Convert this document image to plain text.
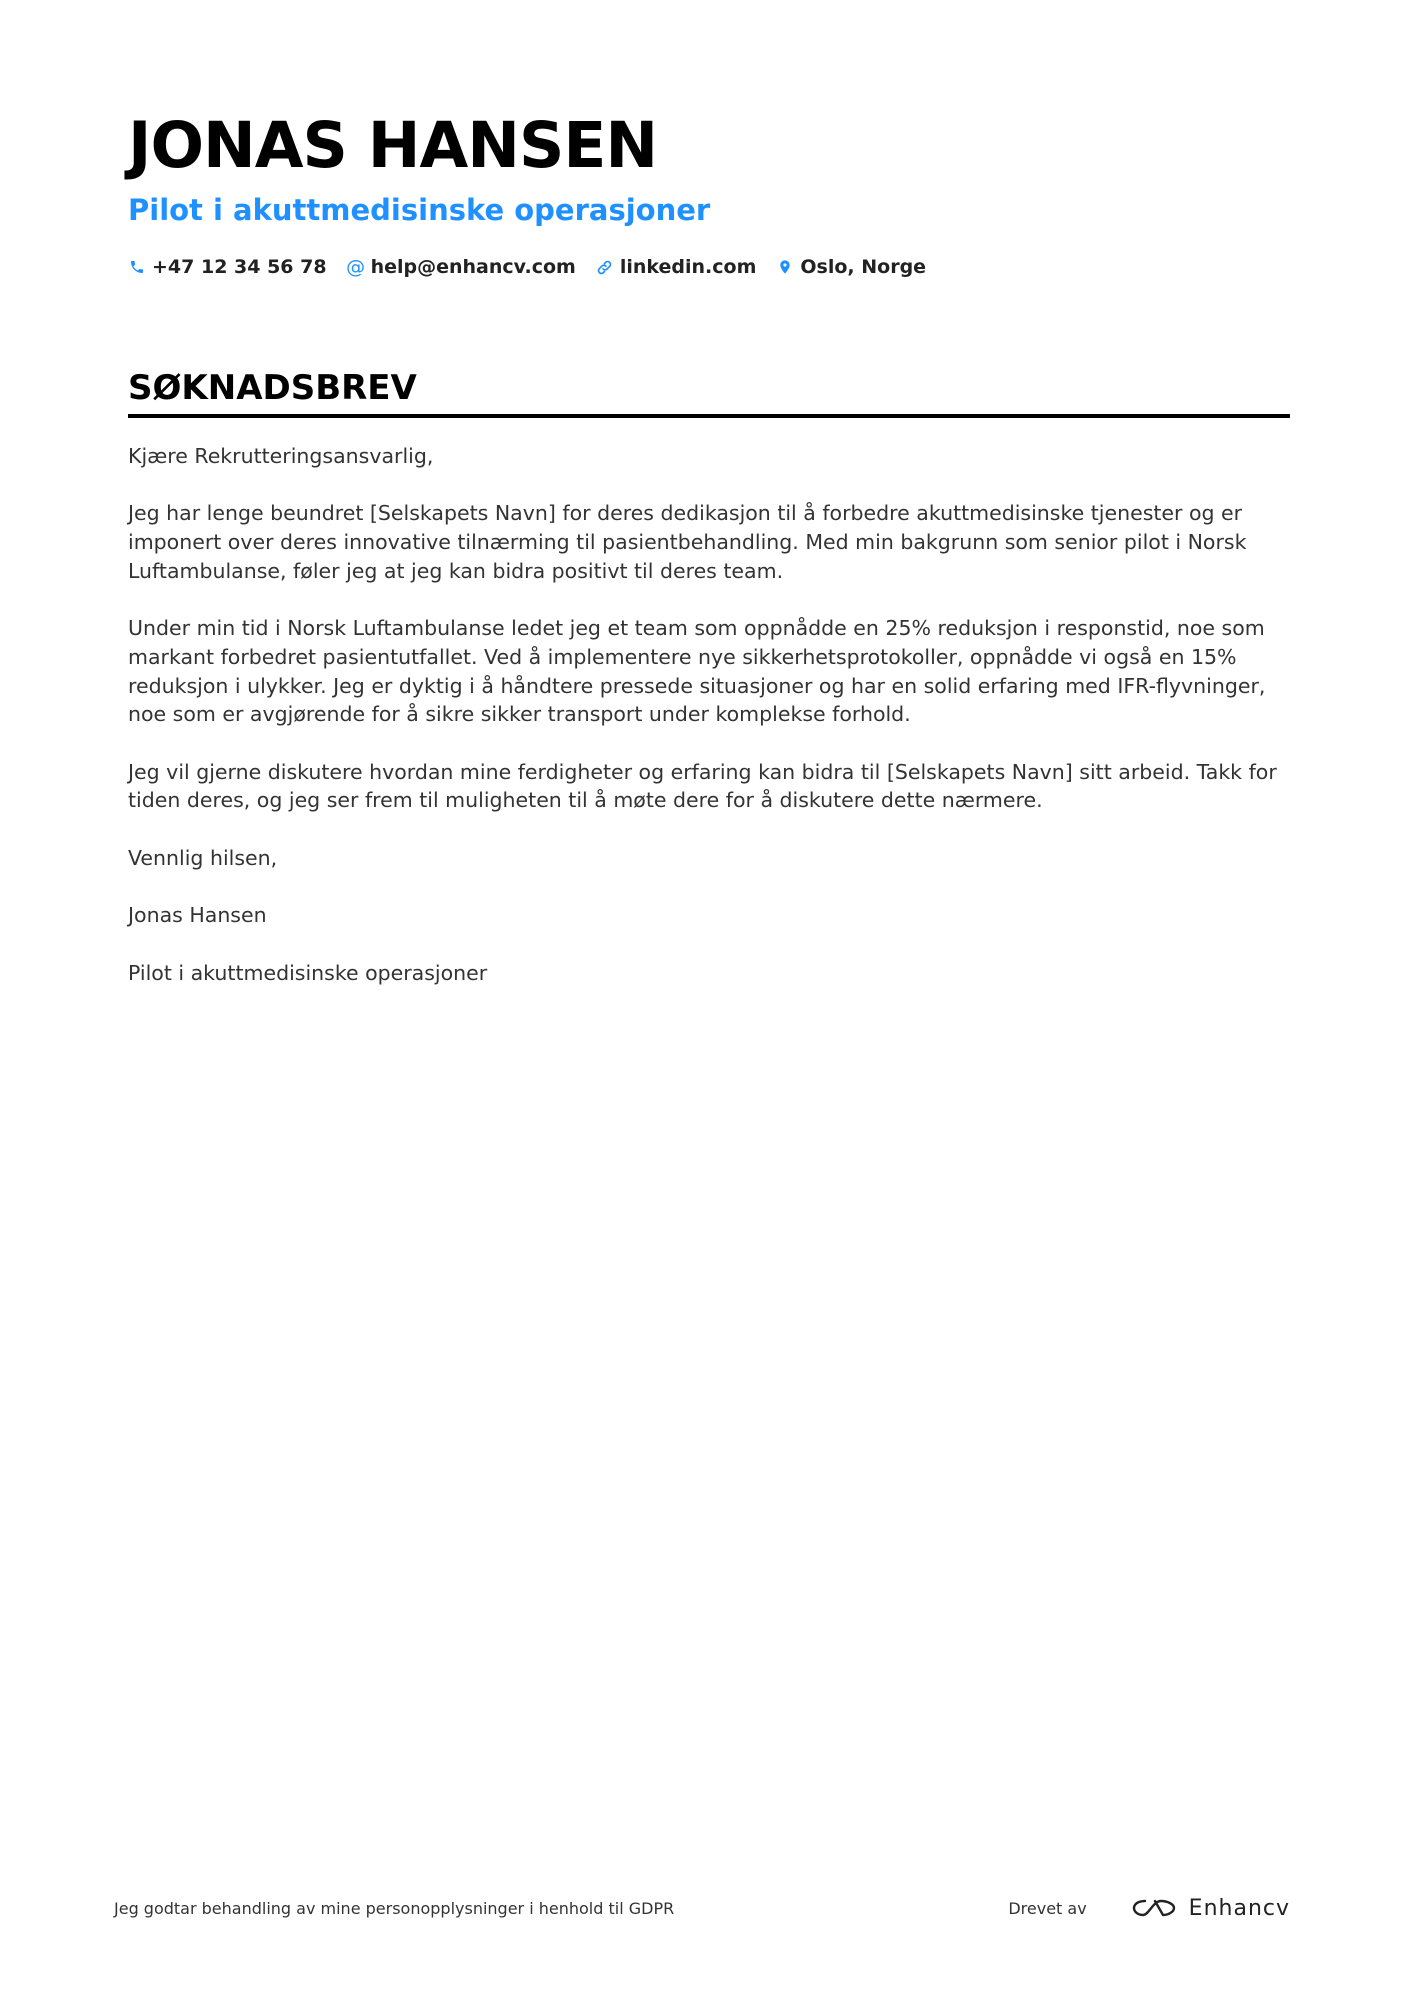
JONAS HANSEN
Pilot i akuttmedisinske operasjoner
+47 12 34 56 78 @ help@enhancv.com linkedin.com Oslo, Norge
SØKNADSBREV

Kjære Rekrutteringsansvarlig,

Jeg har lenge beundret [Selskapets Navn] for deres dedikasjon til å forbedre akuttmedisinske tjenester og er imponert over deres innovative tilnærming til pasientbehandling. Med min bakgrunn som senior pilot i Norsk Luftambulanse, føler jeg at jeg kan bidra positivt til deres team.

Under min tid i Norsk Luftambulanse ledet jeg et team som oppnådde en 25% reduksjon i responstid, noe som markant forbedret pasientutfallet. Ved å implementere nye sikkerhetsprotokoller, oppnådde vi også en 15% reduksjon i ulykker. Jeg er dyktig i å håndtere pressede situasjoner og har en solid erfaring med IFR-flyvninger, noe som er avgjørende for å sikre sikker transport under komplekse forhold.

Jeg vil gjerne diskutere hvordan mine ferdigheter og erfaring kan bidra til [Selskapets Navn] sitt arbeid. Takk for tiden deres, og jeg ser frem til muligheten til å møte dere for å diskutere dette nærmere.

Vennlig hilsen,

Jonas Hansen

Pilot i akuttmedisinske operasjoner

Jeg godtar behandling av mine personopplysninger i henhold til GDPR	Drevet av	Enhancv
